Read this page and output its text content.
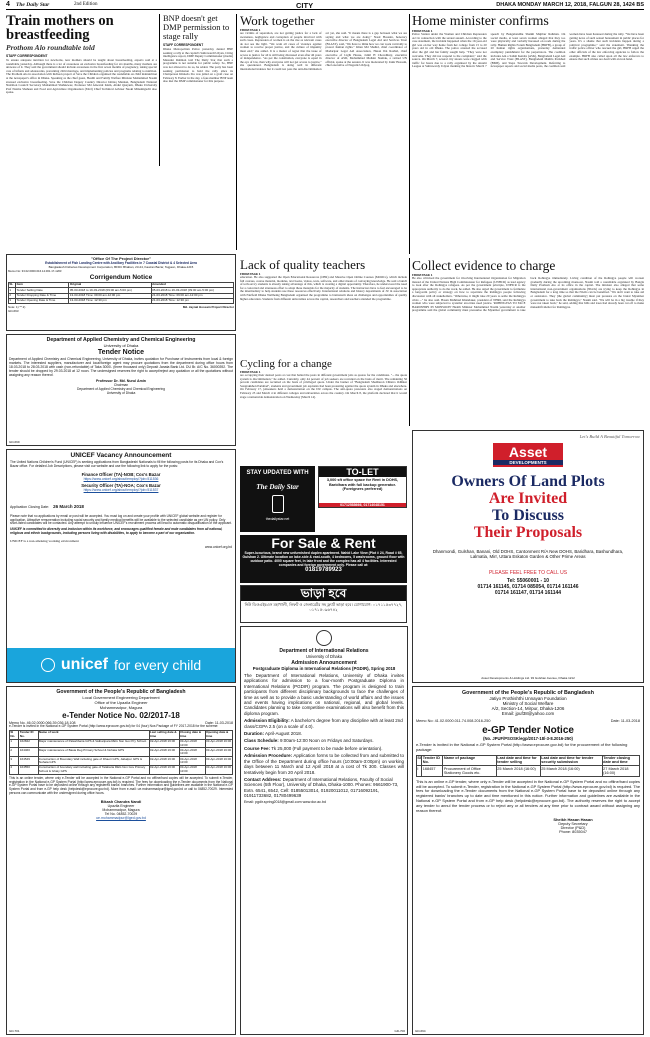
4 The Daily Star	2nd Edition	CITY	DHAKA MONDAY MARCH 12, 2018, FALGUN 28, 1424 BS
Train mothers on breastfeeding
Prothom Alo roundtable told
STAFF CORRESPONDENT
To ensure adequate nutrition for newborns, new mothers should be taught about breastfeeding, experts said at a roundtable yesterday. Although there is a lot of awareness on exclusive breastfeeding for six months, many mothers are unaware of it. They said the government should include awareness in the first seven months of pregnancy, taking special care of infants and adolescents, preventing child marriage, and implementing policies and programs relating to nutrition. The Prothom Alo in association with Incheon project of Save the Children organised the roundtable on child malnutrition at the newspaper's office in Dhaka. Speaking as the chief guest, Health and Family Welfare Minister Mohammed Nasim stressed exclusive breastfeeding. Save the Children Deputy Country Director Ishtiaq Mannan, Bangladesh National Nutrition Council Secretary Mohammad Shahnewaz, Professor Md Anwarul Islam, Abdul Quayum, Dhaka University Prof Nazma Shaheen and Food and Agriculture Organisation (FAO) Chief Technical Adviser Naoki Minamiguchi also spoke.
BNP doesn't get DMP permission to stage rally
STAFF CORRESPONDENT
Dhaka Metropolitan Police yesterday denied BNP seeking a rally at the capital's Suhrawardi Udyan. Citing intelligence report, DMP Deputy Commissioner (media) Masudur Rahman told The Daily Star that such a programme is not suitable for public safety. So, BNP was not allowed to do so, he added. The party has been seeking permission to hold the rally since its Chairperson Khaleda Zia was jailed on a graft case on February 8. Earlier in the day, a four-member BNP team also met the DMP commissioner for this purpose.
Work together
FROM PAGE 1
are victims of separation, are not getting justice for a lack of awareness, negligence and corruption of people involved with such cases. Repression of women is on the rise as relevant cases do not see the light. "We want all cases of violence against women to receive proper justice, and the culture of impunity must end," she added. It is a matter of regret that the issue of access to justice for all is still being discussed even after 46 years of independence. "As per the constitution, everyone is equal in the eye of law, then why everyone will not get access to justice," she questioned. Bangladesh is doing well in different international indexes but it could not pass the anti-discrimination act yet, she said. "It means there is a gap between what we are saying and what we are doing." Nasir Hossain, honorary executive director of Bangladesh Legal Aid and Services Trust (BLAST), said, "We have to think how we can work vertically to protect human rights." Khan Md Shahid, chief coordinator of Madaripur Legal Aid Association, Hasan Ibn Rashid, chief executive of Light House, Jamil H Chowdhury, executive director of ASD, Mohammad Mohsin Siamak, a retired UN official, spoke at the session. It was moderated by Zakir Hossain, chief executive of Nagorik Uddyog.
Home minister confirms
FROM PAGE 1
Police Station under the Women and Children Repression Act in connection with the sexual assault. According to the case statement, the incident happened when the 19-year-old girl was on her way home from her college from 15 to 20 years old in old Dhaka. The police arrested the accused after the girl and her family sought help. "They were not welcome. They did not respond to the complaint," said the source. On March 7, several city streets were clogged with traffic for hours due to a rally organised by the Awami League at Suhrawardy Udyan marking the historic March 7 speech by Bangabandhu Sheikh Mujibur Rahman. On social media, at least seven women alleged that they too were physically and verbally harassed on roads during the rally. Human Rights Forum Bangladesh (HRFB), a group of 20 human rights organisations, yesterday demanded exemplary punishment for the perpetrators. The coalition includes Ain o Salish Kendra (ASK), Bangladesh Legal Aid and Service Trust (BLAST), Bangladesh Mahila Parishad (BMP), and Steps Towards Development. Referring to newspaper reports and social media posts, the coalition said women have been harassed during the rally. "We have been getting news of such sexual harassment in public places for years. It's a shame that such incidents happen during a political programme," said the statement. Thanking the traffic police officer who rescued the girl, HRFB urged the other officials of the law enforcing agencies to follow the example. HRFB also called upon all the law enforcers to ensure that such crimes are dealt with an iron hand.
"Office Of The Project Director"
Establishment of Fish Landing Centre with Ancillary Facilities in 7 Coastal District & 4 Selected Area
Bangladesh Fisheries Development Corporation, BFDC Bhaban, 23-24, Kawran Bazar, Tejgaon, Dhaka-1215
Memo No: 33.02.0000.016.14.001.17-1203
Corrigendum Notice
SL	Item	Original	Amended
1	Tender Selling Date	05-03-2018 to 19-03-2018 (09:00 am-5:00 pm)	05-03-2018 to 26-03-2018 (09:00 am-5:00 pm)
2	Tender Dropping Date & Time	13-03-2018 Time: 09:00 am-12:00 pm	21-03-2018 Time: 09:00 am-12:00 pm
3	Tender Opening Date & Time	13-03-2018 Time: 12:30 pm	21-03-2018 Time: 12:30 pm
Note: 1) ** 2)	Md. Jaynal Hossain Project Director
GD-693
Department of Applied Chemistry and Chemical Engineering
University of Dhaka
Tender Notice
Department of Applied Chemistry and Chemical Engineering, University of Dhaka, invites quotation for Purchase of Instruments from local & foreign markets. The interested suppliers, manufacturer and local/foreign agent may procure quotations from the department during office hours from 18.03.2018 to 28.03.2018 with cash (non-refundable) of Taka 3000/- (three thousand only) Deposit Janata Bank Ltd. DU Br. A/C No. 36000392. The tender should be dropped by 29.03.2018 at 12 noon. The undersigned reserves the right to accept/reject any quotation or all the quotations without assigning any reason thereof.
Professor Dr. Md. Nurul Amin
Chairman
Department of Applied Chemistry and Chemical Engineering
University of Dhaka
GD-699
UNICEF Vacancy Announcement
The United Nations Children's Fund (UNICEF) is seeking applications from Bangladeshi Nationals to fill the following posts for its Dhaka and Cox's Bazar office. For detailed Job Descriptions, please visit our website and use the following link to apply for the posts:
Finance Officer (TA)-NOB; Cox's Bazar
https://www.unicef.org/about/employ/?job=511536
Security Officer (TA)-NOA; Cox's Bazar
https://www.unicef.org/about/employ/?job=511537
Application Closing Date: 26 March 2018
Please note that no applications by email or post will be accepted. You must log on and create your profile with UNICEF global website and register for application. Attractive remuneration including social security and family medical benefits will be available to the selected candidate as per UN policy. Only short-listed candidates will be contacted. Any attempt to unduly influence UNICEF's recruitment process will lead to automatic disqualification of the applicant.
UNICEF is committed to diversity and inclusion within its workforce, and encourages qualified female and male candidates from all national, religious and ethnic backgrounds, including persons living with disabilities, to apply to become a part of our organization.
UNICEF is a non-smoking working environment
www.unicef.org.bd
unicef for every child
Lack of quality teachers
FROM PAGE 1
education. He also suggested the Open Educational Resources (OER) and Massive Open Online Courses (MOOCs), which include full courses, course material, modules, text books, videos, tests, software, and other means of conveying knowledge. He said a bunch of tech-savvy students is already taking advantage of this, which is creating a digital opportunity. Therefore, he underscored the need for a concerted and strenuous effort to adapt these materials for the majority of students. The instructors have to feel encouraged to be the intermediary to help students use these resources effectively. International relations and history departments of JU in association with Fairfield Dhaka Wellbeing Bangladesh organised the programme to brainstorm ideas on challenges and opportunities of quality higher education. Students from different universities across the capital, researchers and teachers attended the programme.
Cycling for a change
FROM PAGE 1
are occupying their desired posts at cost that halted the posts in different government jobs as quotas for the candidates. "... the quota system is discrimination," he added. Currently, only 44 percent of job seekers are recruited on the basis of merit. The remaining 56 percent candidates are recruited on the basis of privileged quota. Under the banner of "Bangladesh Shadharon Chhatra Odhikar Songrakkhon Parishad", students and government job aspirants had been protesting against the quota system in Dhaka and elsewhere. On February 17, jobseekers held a demonstration on the DU campus. The anti-quota protesters also staged demonstrations on February 25 and March 4 in different colleges and universities across the country. On March 8, the platform declared that it would stage a nationwide demonstration on Wednesday [March 14].
Collect evidence to charge
FROM PAGE 1
He also criticised the government for involving International Organization for Migration instead of the United Nations High Commissioner for Refugees (UNHCR) as lead agency to look after the Rohingya refugees. As per the government principle, UNHCR is the appropriate authority to do the work, he added. He also urged the government to formulate a long-term policy or strategy on how to repatriate the Rohingya people following discussion with all stakeholders. "Otherwise, it might take 20 years to settle the Rohingya crisis ..." he also said. Hasan Mahmud Khandaker, president of NHRI, said the Rohingya women who were subjected to systemic atrocities need justice. 'ROHINGYAS TO FACE HARDSHIPS IN MONSOON' Health Minister Mohammad Nasim yesterday at another programme said the global community must pressurise the Myanmar government to take back Rohingya immediately. Living condition of the Rohingya people will worsen gradually during the upcoming monsoon, Nasim told a roundtable organised by Bangla Daily Prothom Alo at its office in the capital. The minister also alleged that some international non-government organisations (NGOs) are trying to keep the Rohingya in Bangladesh for a long time so that the NGOs can be benefited. "We don't want to take aid or assistance. They [the global community] must put pressure on the brutal Myanmar government to take back the Rohingya," Nasim said. "We will be in a big trouble if they were not taken back," he said, adding that hills and trees had already been cut off to make makeshift shelter for Rohingyas.
STAY UPDATED WITH
The Daily Star
thedailystar.net
TO-LET
3,000 sft office space for Rent in DOHS, Baridhara with full backup generator. (Foreigners preferred)
01712588666, 01714048151
For Sale & Rent
Super-luxurious, brand new unfurnished duplex apartment. Nahid Lake View (Plot # 24, Road # 65, Gulshan 2. Ultimate location on lake-side & east-south, 4 bedrooms, 5 washrooms, ground floor with outdoor patio. 4000 square feet, in lake front and the complex has all 4 facilities. Interested companies and foreign government only. Please call at:
01819789923
ভাড়া হবে
নিউ ডিওএইচএস মহাখালী, লিফট ও জেনারেটর সহ ফ্ল্যাট ভাড়া হবে। যোগাযোগ: ০১৭১১৫৩৭৭২৭, ০১৭১৫০৯৬৭৪২
Department of International Relations
University of Dhaka
Admission Announcement
Postgraduate Diploma in International Relations (PGDIR), Spring 2018
The Department of International Relations, University of Dhaka invites applications for admission to a four-month Postgraduate Diploma in International Relations (PGDIR) program. The program is designed to train participants from different disciplinary backgrounds to face the challenges of time as well as to provide a basic understanding of world affairs and the issues and events having implications on national, regional, and global levels. Candidates planning to take competitive examinations will also benefit from this diploma program.
Admission Eligibility: A bachelor's degree from any discipline with at least 2nd class/CGPA 2.5 (on a scale of 4.0).
Duration: April-August 2018.
Class Schedule: 9:00am-12:00 Noon on Fridays and Saturdays.
Course Fee: Tk 25,000 (Full payment to be made before orientation).
Admission Procedure: Application forms to be collected from and submitted to the Office of the Department during office hours (10:00am-3:00pm) on working days between 11 March and 12 April 2018 at a cost of Tk 300. Classes will tentatively begin from 20 April 2018.
Contact Address: Department of International Relations, Faculty of Social Sciences (5th Floor), University of Dhaka, Dhaka-1000. Phones: 9661900-73, Extn. 6541, 6542, Cell: 01855013014, 01920011012, 01716092191, 01911733682, 01780499639
Email: pgdir.spring2018@gmail.com www.dur.ac.bd
GD-700
Let's Build A Beautiful Tomorrow
Asset
DEVELOPMENTS
Owners Of Land Plots
Are Invited
To Discuss
Their Proposals
Dhanmondi, Gulshan, Banani, Old DOHS, Cantonment R/A New DOHS, Baridhara, Bashundhara, Lalmatia, Mirr, Uttara Eskaton Garden & Other Prime Areas
PLEASE FEEL FREE TO CALL US
Tel: 55060001 - 10
01714 161145, 01714 085054, 01714 161146
01714 161147, 01714 161144
Asset Developments & Holdings Ltd. 93 Gulshan Avenue, Dhaka 1212
Government of the People's Republic of Bangladesh
Local Government Engineering Department
Office of the Upazila Engineer
Mohammadpur, Magura
e-Tender Notice No. 02/2017-18
Memo No. 46.02.0000.066.39.036.18.108	Date: 11-03-2018
e-Tender is invited in the National e-GP System Portal (http://www.eprocure.gov.bd) for 04 (four) Nos Package of FY 2017-2018 for the scheme:
Sl No.	Tender ID No.	Name of work	Last selling date & time	Closing date & time	Opening date & time
1	162842	Major maintenance of Palashbaria GPS & Vatbaripara REG Non Gov Pry School.	02-Apr-2018 16:00	03-Apr-2018 13:00	03-Apr-2018 16:00
2	164460	Major maintenance of Basia Reg Primary School & Nohata GPS	02-Apr-2018 16:00	03-Apr-2018 13:00	03-Apr-2018 16:00
3	164549	Construction of Boundary Wall including gate of Dhaori GPS, Jabalpur GPS & Nohata GPS	02-Apr-2018 16:00	03-Apr-2018 13:00	03-Apr-2018 16:00
4	164550	Construction of boundary wall including gate of Talabaria REG Non Gov Primary School & Ghaty GPS	02-Apr-2018 16:00	03-Apr-2018 13:00	03-Apr-2018 16:00
This is an online tender, where only e-Tender will be accepted in the National e-GP Portal and no offline/hard copies will be accepted. To submit e-Tender, registration in the National e-GP System Portal (http://www.eprocure.gov.bd) is required. The fees for downloading the e-Tender documents from the National e-GP System Portal have to be deposited online through any registered banks' branches. Further information and guidelines are available in the National e-GP System Portal and from e-GP help desk (helpdesk@eprocure.gov.bd). More from e-mail: ue.mohammadpur@lged.gov.bd or call to 04852-70029. Interested persons can communicate with the undersigned during office hours.
Bikash Chandra Nandi
Upazila Engineer
Mohammadpur, Magura
Tel No. 04852-70029
ue.mohammadpur@lged.gov.bd
GD-701
Government of the People's Republic of Bangladesh
Jatiyo Prothishthi Unnayan Foundation
Ministry of Social Welfare
A/2, Section-14, Mirpur, Dhaka-1206
Email: jpuf38@yahoo.com
Memo No: 41.02.0000.011.74.008.2016-250	Date: 11-03-2018
e-GP Tender Notice
(No. JPUF/PSOSK/egp/2017-18/-3-8.2016-250)
e-Tender is invited in the National e-GP System Portal (http://www.eprocure.gov.bd) for the procurement of the following package:
Sl	Tender ID No.	Name of package	Last date and time for tender selling	Last date and time for tender security submission	Tender closing date and time
I	168457	Procurement of Office Stationery Goods etc.	25 March 2018 (16:00)	25 March 2018 (16:00)	27 March 2018 (16:00)
This is an online e-GP tender, where only e-Tender will be accepted in the National e-GP System Portal and no offline/hard copies will be accepted. To submit e-Tender, registration in the National e-GP System Portal (http://www.eprocure.gov.bd) is required. The fees for downloading the e-Tender documents from the National e-GP System Portal have to be deposited online through any registered banks' branches up to date and time mentioned in this notice. Further information and guidelines are available in the National e-GP System Portal and from e-GP help desk (helpdesk@eprocure.gov.bd). The authority reserves the right to accept any tender to annul the tender process or to reject any or all tenders at any time prior to contract award without assigning any reason thereof.
Sheikh Hasan Hasan
Deputy Secretary
Director (P&D)
Phone: 8035047
GD-694
